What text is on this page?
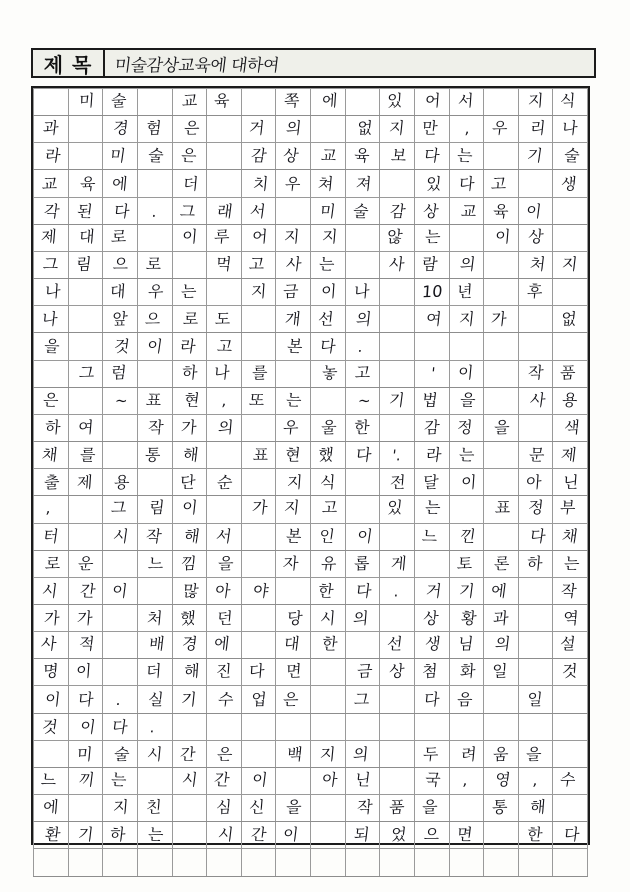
제 목	미술감상교육에 대하여
	미	술		교	육		쪽	에		있	어	서		지	식
과		경	험	은		거	의		없	지	만	,	우	리	나
라		미	술	은		감	상	교	육	보	다	는		기	술
교	육	에		더		치	우	쳐	져		있	다	고		생
각	된	다	.	그	래	서		미	술	감	상	교	육	이	
제	대	로		이	루	어	지	지		않	는		이	상	
그	림	으	로		먹	고	사	는		사	람	의		처	지
나		대	우	는		지	금	이	나		10	년		후	
나		앞	으	로	도		개	선	의		여	지	가		없
을		것	이	라	고		본	다	.						
	그	럼		하	나	를		놓	고		'	이		작	품
은		~	표	현	,	또	는		~	기	법	을		사	용
하	여		작	가	의		우	울	한		감	정	을		색
채	를		통	해		표	현	했	다	'.	라	는		문	제
출	제	용		단	순		지	식		전	달	이		아	닌
,		그	림	이		가	지	고		있	는		표	정	부
터		시	작	해	서		본	인	이		느	낀		다	채
로	운		느	낌	을		자	유	롭	게		토	론	하	는
시	간	이		많	아	야		한	다	.	거	기	에		작
가	가		처	했	던		당	시	의		상	황	과		역
사	적		배	경	에		대	한		선	생	님	의		설
명	이		더	해	진	다	면		금	상	첨	화	일		것
이	다	.	실	기	수	업	은		그		다	음		일	
것	이	다	.												
	미	술	시	간	은		백	지	의		두	려	움	을	
느	끼	는		시	간	이		아	닌		국	,	영	,	수
에		지	친		심	신	을		작	품	을		통	해	
환	기	하	는		시	간	이		되	었	으	면		한	다
